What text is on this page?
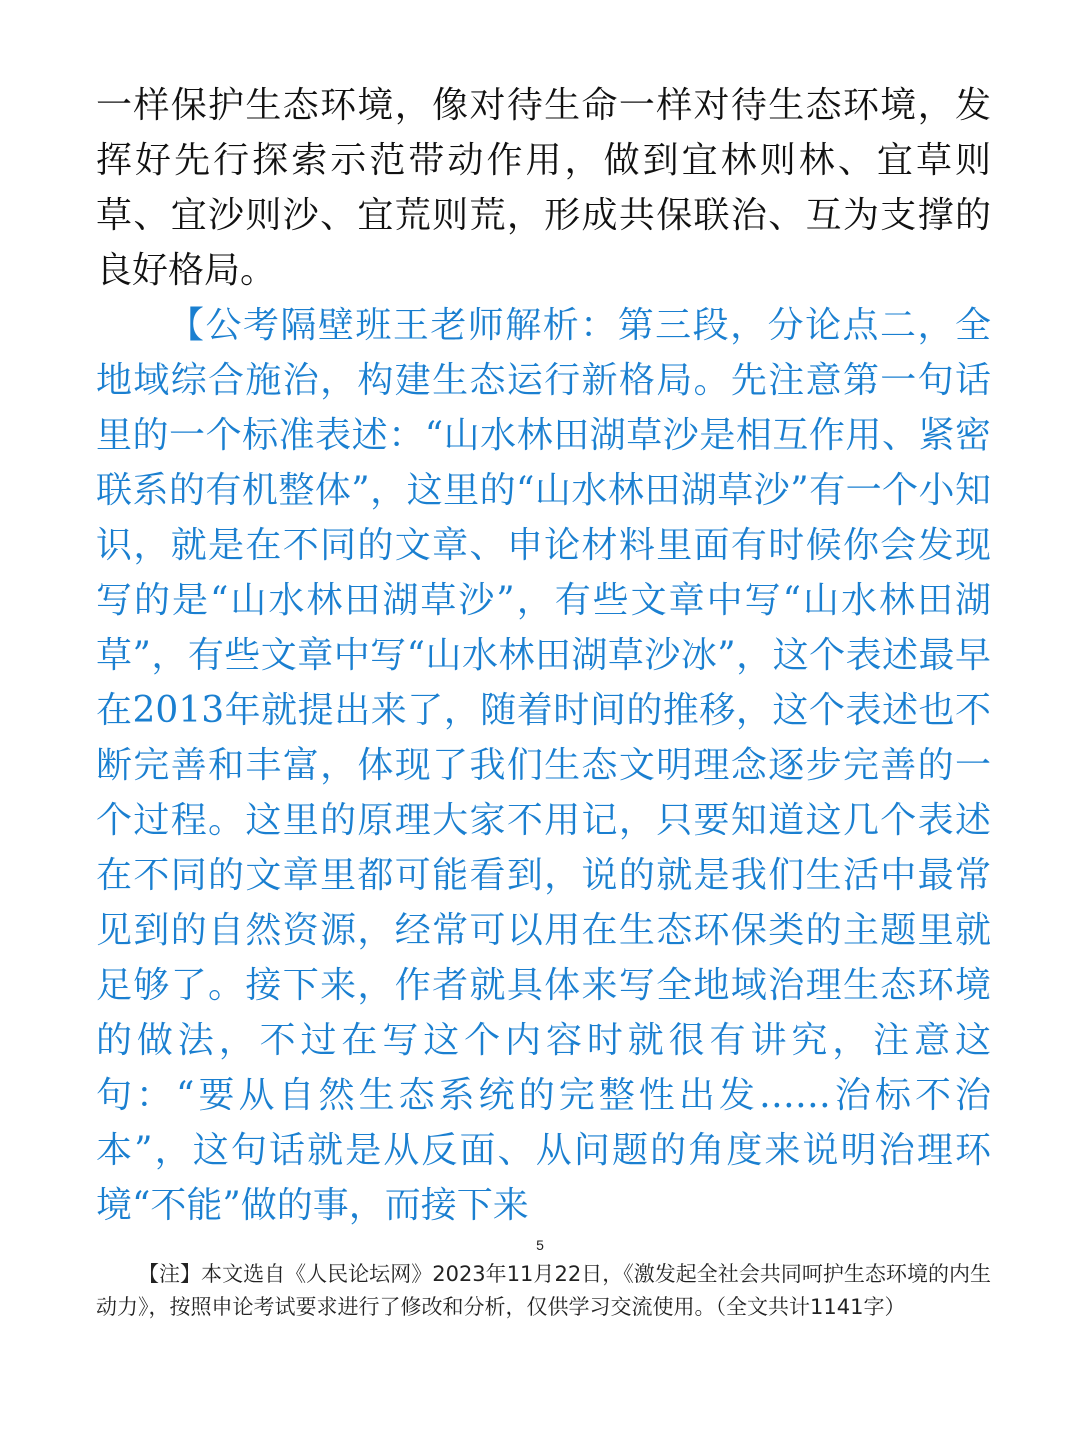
一样保护生态环境，像对待生命一样对待生态环境，发挥好先行探索示范带动作用，做到宜林则林、宜草则草、宜沙则沙、宜荒则荒，形成共保联治、互为支撑的良好格局。

【公考隔壁班王老师解析：第三段，分论点二，全地域综合施治，构建生态运行新格局。先注意第一句话里的一个标准表述：“山水林田湖草沙是相互作用、紧密联系的有机整体”，这里的“山水林田湖草沙”有一个小知识，就是在不同的文章、申论材料里面有时候你会发现写的是“山水林田湖草沙”，有些文章中写“山水林田湖草”，有些文章中写“山水林田湖草沙冰”，这个表述最早在2013年就提出来了，随着时间的推移，这个表述也不断完善和丰富，体现了我们生态文明理念逐步完善的一个过程。这里的原理大家不用记，只要知道这几个表述在不同的文章里都可能看到，说的就是我们生活中最常见到的自然资源，经常可以用在生态环保类的主题里就足够了。接下来，作者就具体来写全地域治理生态环境的做法，不过在写这个内容时就很有讲究，注意这句：“要从自然生态系统的完整性出发……治标不治本”，这句话就是从反面、从问题的角度来说明治理环境“不能”做的事，而接下来

5

【注】本文选自《人民论坛网》2023年11月22日，《激发起全社会共同呵护生态环境的内生动力》，按照申论考试要求进行了修改和分析，仅供学习交流使用。（全文共计1141字）
